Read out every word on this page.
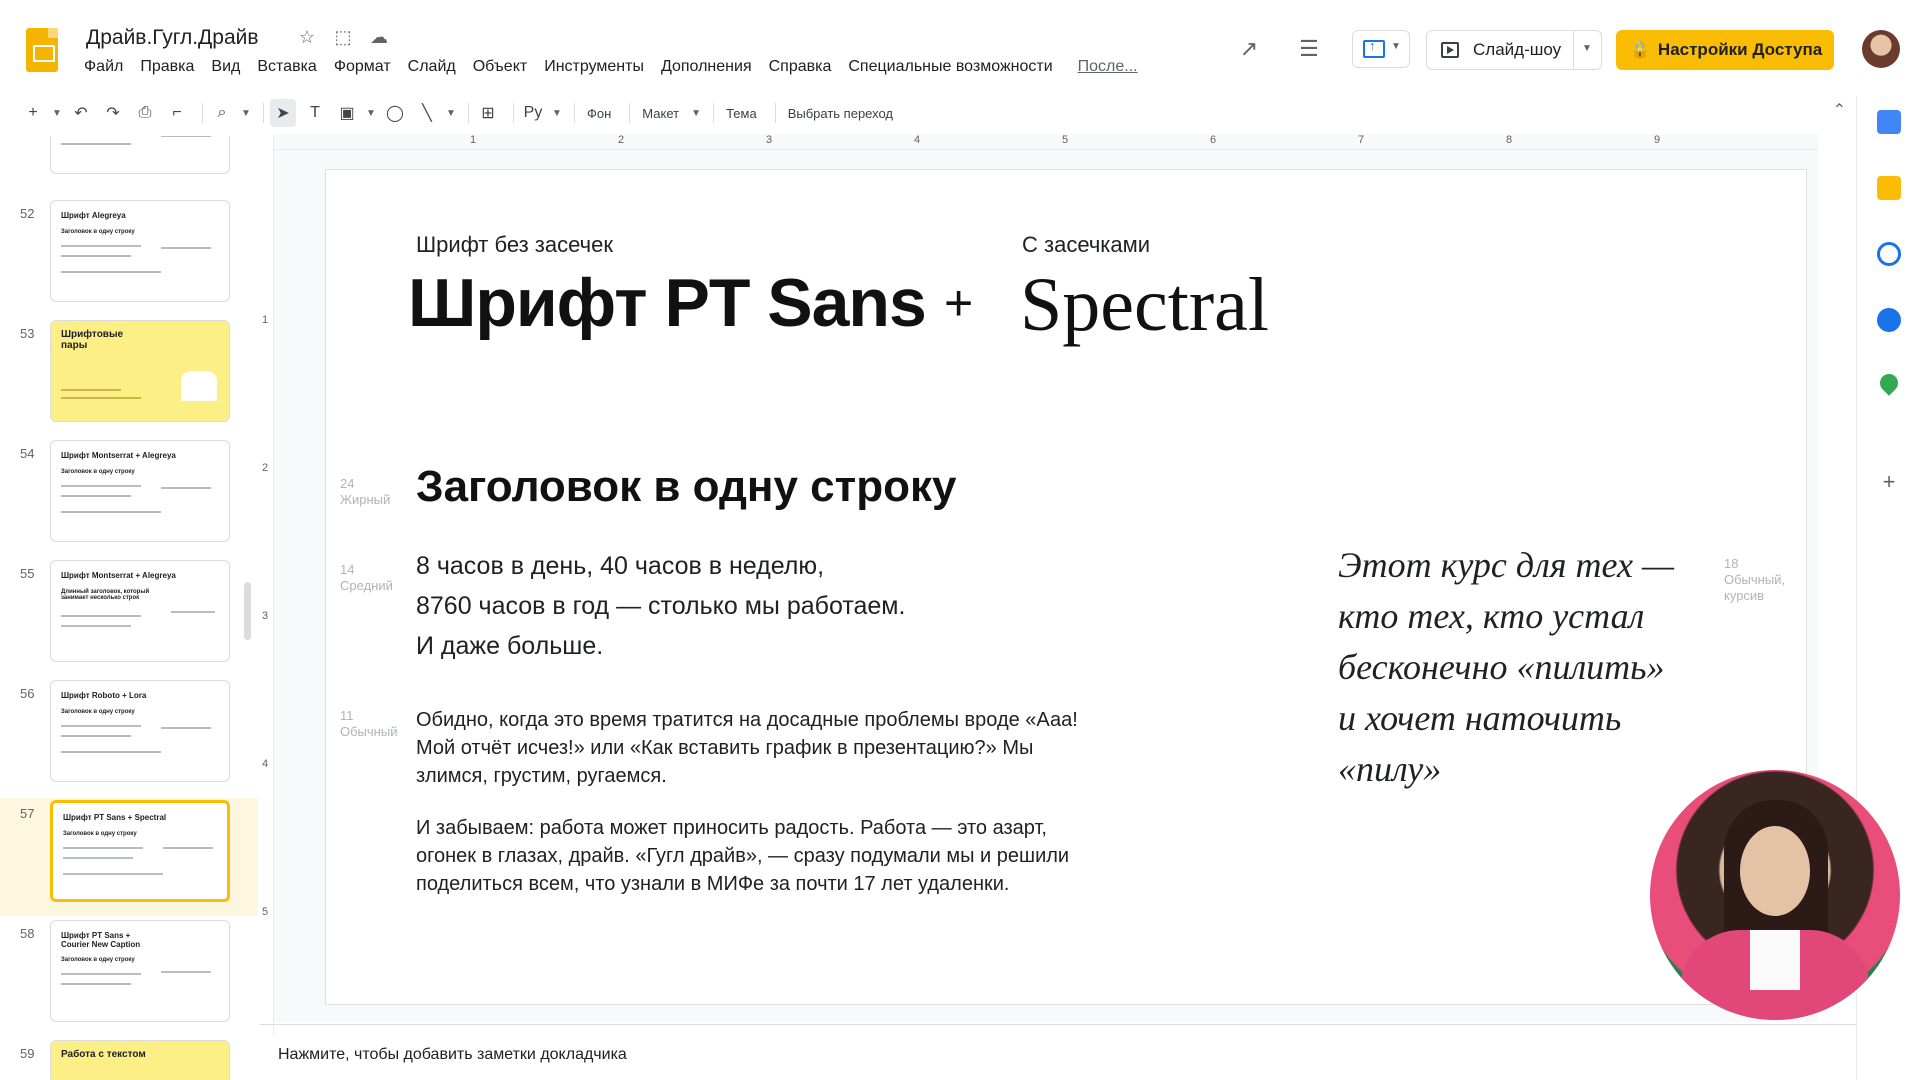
Драйв.Гугл.Драйв ☆ ⬚ ☁
Файл Правка Вид Вставка Формат Слайд Объект Инструменты Дополнения Справка Специальные возможности После...
↗ ☰
↑	▼	Слайд-шоу ▼ 🔒 Настройки Доступа
+	▼ ↶	↷	⎙	⌐	⌕	▼	➤	T	▣	▼ ◯	╲	▼	⊞	Pу ▼	Фон	Макет	▼	Тема	Выбрать переход	⌃
52	Шрифт Alegreya
Заголовок в одну строку
53	Шрифтовые пары
54	Шрифт Montserrat + Alegreya
Заголовок в одну строку
55	Шрифт Montserrat + Alegreya
Длинный заголовок, который занимает несколько строк
56	Шрифт Roboto + Lora
Заголовок в одну строку
57	Шрифт PT Sans + Spectral
Заголовок в одну строку
58	Шрифт PT Sans + Courier New Caption
Заголовок в одну строку
59	Работа с текстом
1	2	3	4	5	6	7	8	9
1
2
3
4
5
Шрифт без засечек	С засечками
Шрифт PT Sans + Spectral
24
Жирный Заголовок в одну строку
14
Средний
8 часов в день, 40 часов в неделю,
8760 часов в год — столько мы работаем.
И даже больше.
11
Обычный
Обидно, когда это время тратится на досадные проблемы вроде «Ааа!
Мой отчёт исчез!» или «Как вставить график в презентацию?» Мы
злимся, грустим, ругаемся.
И забываем: работа может приносить радость. Работа — это азарт,
огонек в глазах, драйв. «Гугл драйв», — сразу подумали мы и решили
поделиться всем, что узнали в МИФе за почти 17 лет удаленки.
Этот курс для тех —
кто тех, кто устал
бесконечно «пилить»
и хочет наточить
«пилу»
18
Обычный,
курсив
Нажмите, чтобы добавить заметки докладчика
+
